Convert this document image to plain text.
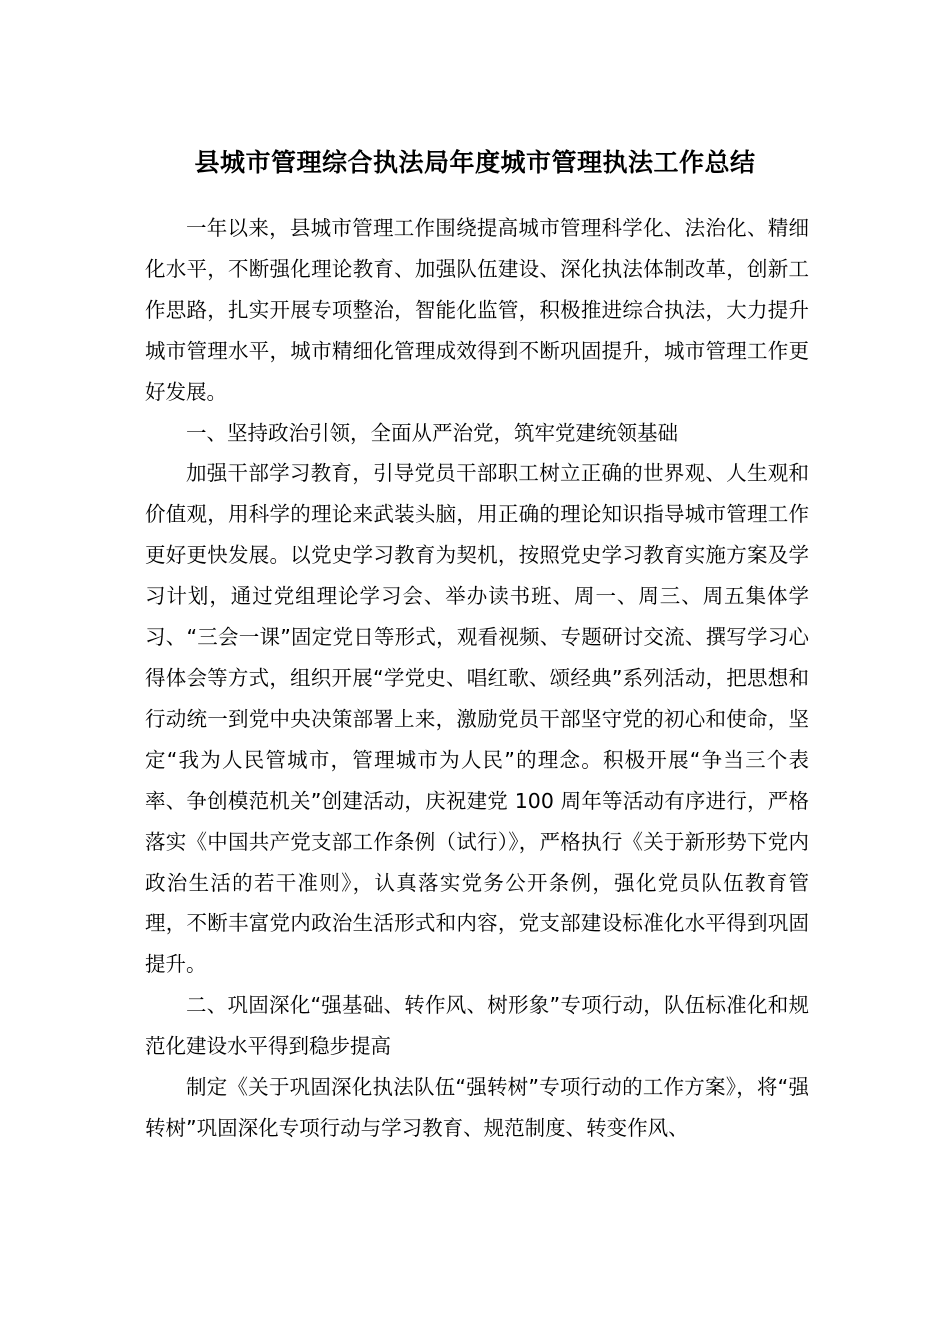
县城市管理综合执法局年度城市管理执法工作总结

一年以来，县城市管理工作围绕提高城市管理科学化、法治化、精细化水平，不断强化理论教育、加强队伍建设、深化执法体制改革，创新工作思路，扎实开展专项整治，智能化监管，积极推进综合执法，大力提升城市管理水平，城市精细化管理成效得到不断巩固提升，城市管理工作更好发展。

一、坚持政治引领，全面从严治党，筑牢党建统领基础

加强干部学习教育，引导党员干部职工树立正确的世界观、人生观和价值观，用科学的理论来武装头脑，用正确的理论知识指导城市管理工作更好更快发展。以党史学习教育为契机，按照党史学习教育实施方案及学习计划，通过党组理论学习会、举办读书班、周一、周三、周五集体学习、“三会一课”固定党日等形式，观看视频、专题研讨交流、撰写学习心得体会等方式，组织开展“学党史、唱红歌、颂经典”系列活动，把思想和行动统一到党中央决策部署上来，激励党员干部坚守党的初心和使命，坚定“我为人民管城市，管理城市为人民”的理念。积极开展“争当三个表率、争创模范机关”创建活动，庆祝建党 100 周年等活动有序进行，严格落实《中国共产党支部工作条例（试行）》，严格执行《关于新形势下党内政治生活的若干准则》，认真落实党务公开条例，强化党员队伍教育管理，不断丰富党内政治生活形式和内容，党支部建设标准化水平得到巩固提升。

二、巩固深化“强基础、转作风、树形象”专项行动，队伍标准化和规范化建设水平得到稳步提高

制定《关于巩固深化执法队伍“强转树”专项行动的工作方案》，将“强转树”巩固深化专项行动与学习教育、规范制度、转变作风、
